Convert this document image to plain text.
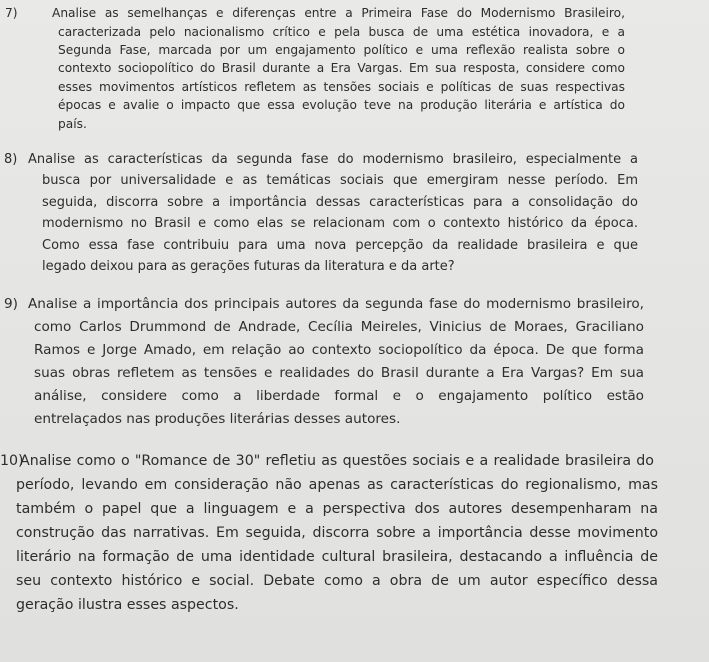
7)	Analise as semelhanças e diferenças entre a Primeira Fase do Modernismo Brasileiro,
caracterizada pelo nacionalismo crítico e pela busca de uma estética inovadora, e a
Segunda Fase, marcada por um engajamento político e uma reflexão realista sobre o
contexto sociopolítico do Brasil durante a Era Vargas. Em sua resposta, considere como
esses movimentos artísticos refletem as tensões sociais e políticas de suas respectivas
épocas e avalie o impacto que essa evolução teve na produção literária e artística do
país.
8) Analise as características da segunda fase do modernismo brasileiro, especialmente a
busca por universalidade e as temáticas sociais que emergiram nesse período. Em
seguida, discorra sobre a importância dessas características para a consolidação do
modernismo no Brasil e como elas se relacionam com o contexto histórico da época.
Como essa fase contribuiu para uma nova percepção da realidade brasileira e que
legado deixou para as gerações futuras da literatura e da arte?
9) Analise a importância dos principais autores da segunda fase do modernismo brasileiro,
como Carlos Drummond de Andrade, Cecília Meireles, Vinicius de Moraes, Graciliano
Ramos e Jorge Amado, em relação ao contexto sociopolítico da época. De que forma
suas obras refletem as tensões e realidades do Brasil durante a Era Vargas? Em sua
análise, considere como a liberdade formal e o engajamento político estão
entrelaçados nas produções literárias desses autores.
10)
Analise como o "Romance de 30" refletiu as questões sociais e a realidade brasileira do
período, levando em consideração não apenas as características do regionalismo, mas
também o papel que a linguagem e a perspectiva dos autores desempenharam na
construção das narrativas. Em seguida, discorra sobre a importância desse movimento
literário na formação de uma identidade cultural brasileira, destacando a influência de
seu contexto histórico e social. Debate como a obra de um autor específico dessa
geração ilustra esses aspectos.
